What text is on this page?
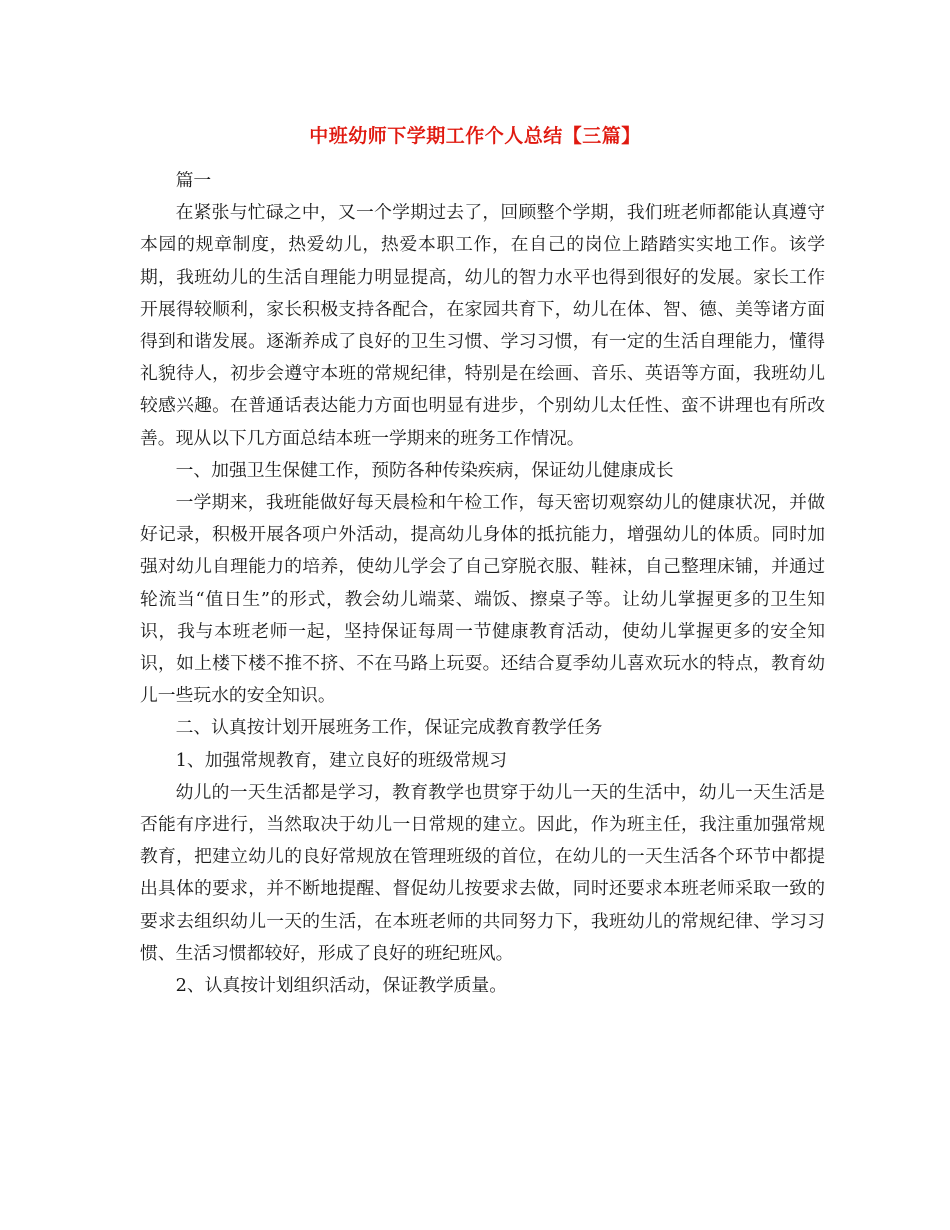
中班幼师下学期工作个人总结【三篇】

篇一

在紧张与忙碌之中，又一个学期过去了，回顾整个学期，我们班老师都能认真遵守本园的规章制度，热爱幼儿，热爱本职工作，在自己的岗位上踏踏实实地工作。该学期，我班幼儿的生活自理能力明显提高，幼儿的智力水平也得到很好的发展。家长工作开展得较顺利，家长积极支持各配合，在家园共育下，幼儿在体、智、德、美等诸方面得到和谐发展。逐渐养成了良好的卫生习惯、学习习惯，有一定的生活自理能力，懂得礼貌待人，初步会遵守本班的常规纪律，特别是在绘画、音乐、英语等方面，我班幼儿较感兴趣。在普通话表达能力方面也明显有进步，个别幼儿太任性、蛮不讲理也有所改善。现从以下几方面总结本班一学期来的班务工作情况。

一、加强卫生保健工作，预防各种传染疾病，保证幼儿健康成长

一学期来，我班能做好每天晨检和午检工作，每天密切观察幼儿的健康状况，并做好记录，积极开展各项户外活动，提高幼儿身体的抵抗能力，增强幼儿的体质。同时加强对幼儿自理能力的培养，使幼儿学会了自己穿脱衣服、鞋袜，自己整理床铺，并通过轮流当“值日生”的形式，教会幼儿端菜、端饭、擦桌子等。让幼儿掌握更多的卫生知识，我与本班老师一起，坚持保证每周一节健康教育活动，使幼儿掌握更多的安全知识，如上楼下楼不推不挤、不在马路上玩耍。还结合夏季幼儿喜欢玩水的特点，教育幼儿一些玩水的安全知识。

二、认真按计划开展班务工作，保证完成教育教学任务

1、加强常规教育，建立良好的班级常规习

幼儿的一天生活都是学习，教育教学也贯穿于幼儿一天的生活中，幼儿一天生活是否能有序进行，当然取决于幼儿一日常规的建立。因此，作为班主任，我注重加强常规教育，把建立幼儿的良好常规放在管理班级的首位，在幼儿的一天生活各个环节中都提出具体的要求，并不断地提醒、督促幼儿按要求去做，同时还要求本班老师采取一致的要求去组织幼儿一天的生活，在本班老师的共同努力下，我班幼儿的常规纪律、学习习惯、生活习惯都较好，形成了良好的班纪班风。

2、认真按计划组织活动，保证教学质量。
